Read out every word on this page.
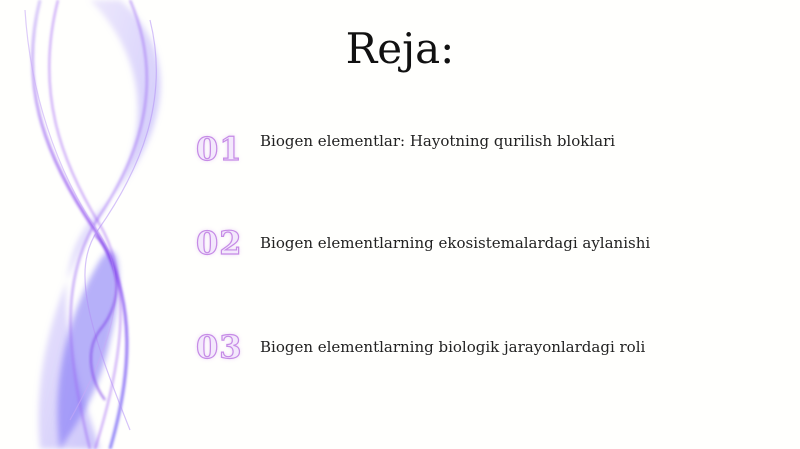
Reja:
01	Biogen elementlar: Hayotning qurilish bloklari
02	Biogen elementlarning ekosistemalardagi aylanishi
03	Biogen elementlarning biologik jarayonlardagi roli
